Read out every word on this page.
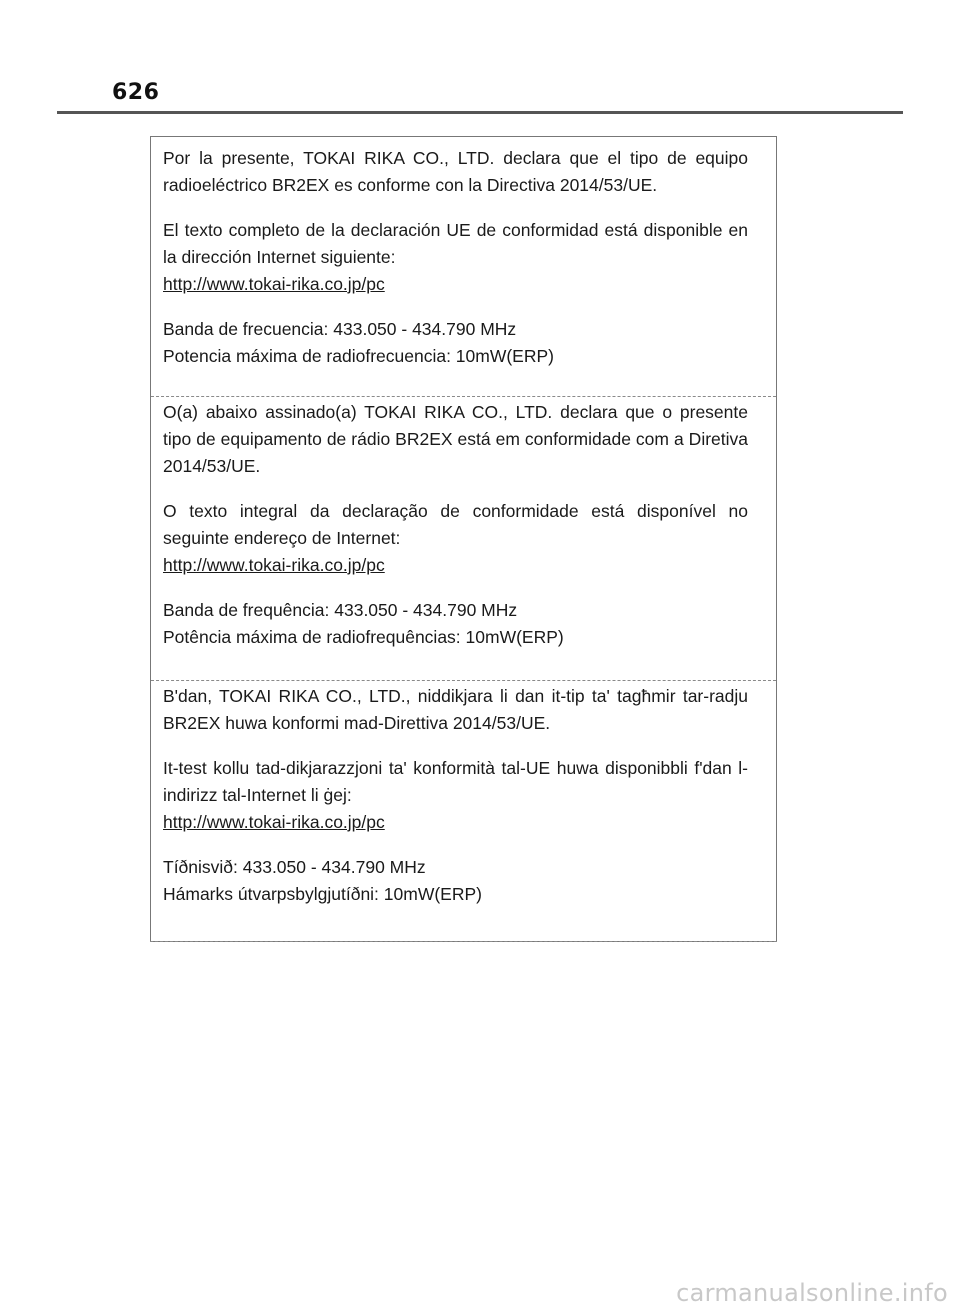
626

Por la presente, TOKAI RIKA CO., LTD. declara que el tipo de equipo radioeléctrico BR2EX es conforme con la Directiva 2014/53/UE.

El texto completo de la declaración UE de conformidad está disponible en la dirección Internet siguiente:

http://www.tokai-rika.co.jp/pc
Banda de frecuencia: 433.050 - 434.790 MHz
Potencia máxima de radiofrecuencia: 10mW(ERP)

O(a) abaixo assinado(a) TOKAI RIKA CO., LTD. declara que o presente tipo de equipamento de rádio BR2EX está em conformidade com a Diretiva 2014/53/UE.

O texto integral da declaração de conformidade está disponível no seguinte endereço de Internet:

http://www.tokai-rika.co.jp/pc
Banda de frequência: 433.050 - 434.790 MHz
Potência máxima de radiofrequências: 10mW(ERP)

B'dan, TOKAI RIKA CO., LTD., niddikjara li dan it-tip ta' tagħmir tar-radju BR2EX huwa konformi mad-Direttiva 2014/53/UE.

It-test kollu tad-dikjarazzjoni ta' konformità tal-UE huwa disponibbli f'dan l-indirizz tal-Internet li ġej:

http://www.tokai-rika.co.jp/pc
Tíðnisvið: 433.050 - 434.790 MHz
Hámarks útvarpsbylgjutíðni: 10mW(ERP)
carmanualsonline.info
